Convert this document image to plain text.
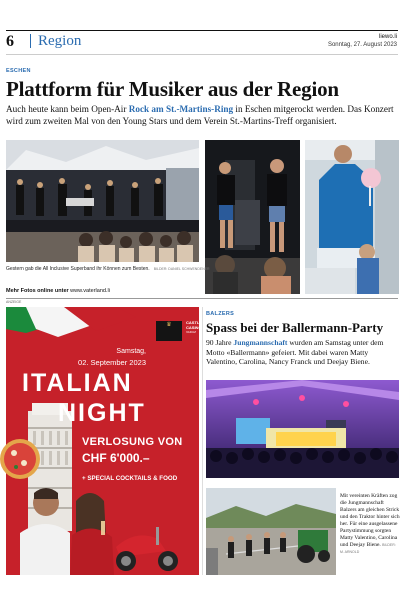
6 Region	liewo.li
Sonntag, 27. August 2023
ESCHEN
Plattform für Musiker aus der Region
Auch heute kann beim Open-Air Rock am St.-Martins-Ring in Eschen mitgerockt werden. Das Konzert wird zum zweiten Mal von den Young Stars und dem Verein St.-Martins-Treff organisiert.
Gestern gab die All Inclusive Superband ihr Können zum Besten. BILDER: DANIEL SCHWENDENER
Mehr Fotos online unter www.vaterland.li
ANZEIGE
♛	CASTLE
CASINO
VADUZ
Samstag,
02. September 2023
ITALIAN
NIGHT
VERLOSUNG VON
CHF 6'000.–
+ SPECIAL COCKTAILS & FOOD
BALZERS
Spass bei der Ballermann-Party
90 Jahre Jungmannschaft wurden am Samstag unter dem Motto «Ballermann» gefeiert. Mit dabei waren Matty Valentino, Carolina, Nancy Franck und Deejay Biene.
Mit vereinten Kräften zog die Jungmannschaft Balzers am gleichen Strick und den Traktor hinter sich her. Für eine ausgelassene Partystimmung sorgten Matty Valentino, Carolina und Deejay Biene. BILDER: M. ARNOLD
